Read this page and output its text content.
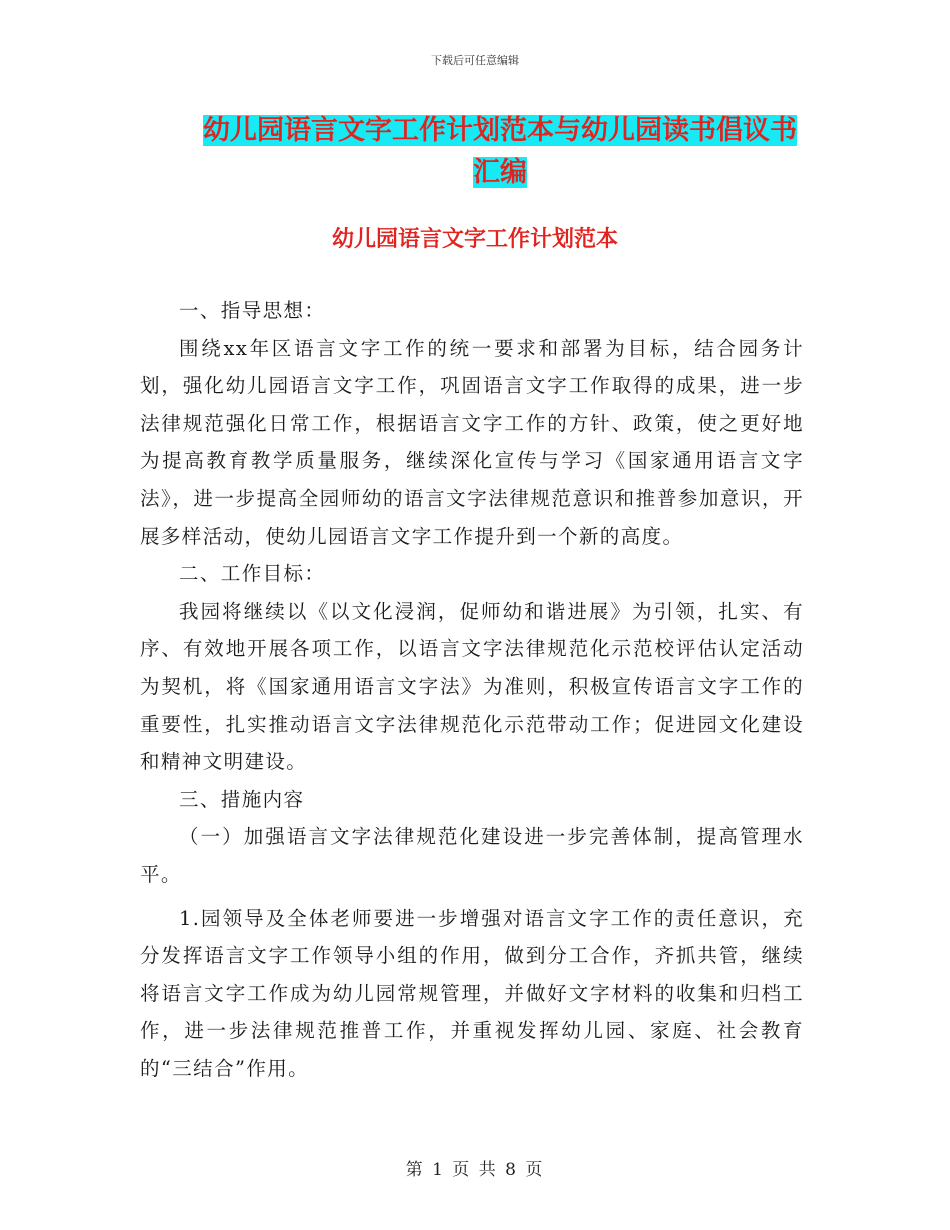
下载后可任意编辑
幼儿园语言文字工作计划范本与幼儿园读书倡议书汇编
幼儿园语言文字工作计划范本

一、指导思想：

围绕xx年区语言文字工作的统一要求和部署为目标，结合园务计划，强化幼儿园语言文字工作，巩固语言文字工作取得的成果，进一步法律规范强化日常工作，根据语言文字工作的方针、政策，使之更好地为提高教育教学质量服务，继续深化宣传与学习《国家通用语言文字法》，进一步提高全园师幼的语言文字法律规范意识和推普参加意识，开展多样活动，使幼儿园语言文字工作提升到一个新的高度。

二、工作目标：

我园将继续以《以文化浸润，促师幼和谐进展》为引领，扎实、有序、有效地开展各项工作，以语言文字法律规范化示范校评估认定活动为契机，将《国家通用语言文字法》为准则，积极宣传语言文字工作的重要性，扎实推动语言文字法律规范化示范带动工作；促进园文化建设和精神文明建设。

三、措施内容

（一）加强语言文字法律规范化建设进一步完善体制，提高管理水平。

1.园领导及全体老师要进一步增强对语言文字工作的责任意识，充分发挥语言文字工作领导小组的作用，做到分工合作，齐抓共管，继续将语言文字工作成为幼儿园常规管理，并做好文字材料的收集和归档工作，进一步法律规范推普工作，并重视发挥幼儿园、家庭、社会教育的“三结合”作用。

第 1 页 共 8 页
